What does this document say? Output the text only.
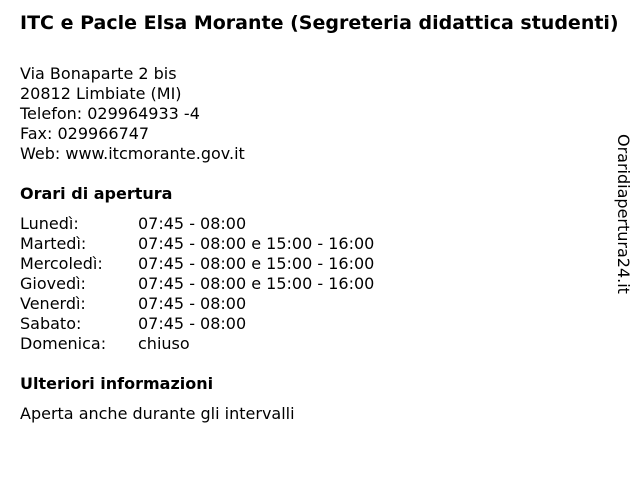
ITC e Pacle Elsa Morante (Segreteria didattica studenti)
Via Bonaparte 2 bis
20812 Limbiate (MI)
Telefon: 029964933 -4
Fax: 029966747
Web: www.itcmorante.gov.it
Orari di apertura
Lunedì:	07:45 - 08:00
Martedì:	07:45 - 08:00 e 15:00 - 16:00
Mercoledì: 07:45 - 08:00 e 15:00 - 16:00
Giovedì:	07:45 - 08:00 e 15:00 - 16:00
Venerdì:	07:45 - 08:00
Sabato:	07:45 - 08:00
Domenica: chiuso
Ulteriori informazioni

Aperta anche durante gli intervalli

Oraridiapertura24.it
